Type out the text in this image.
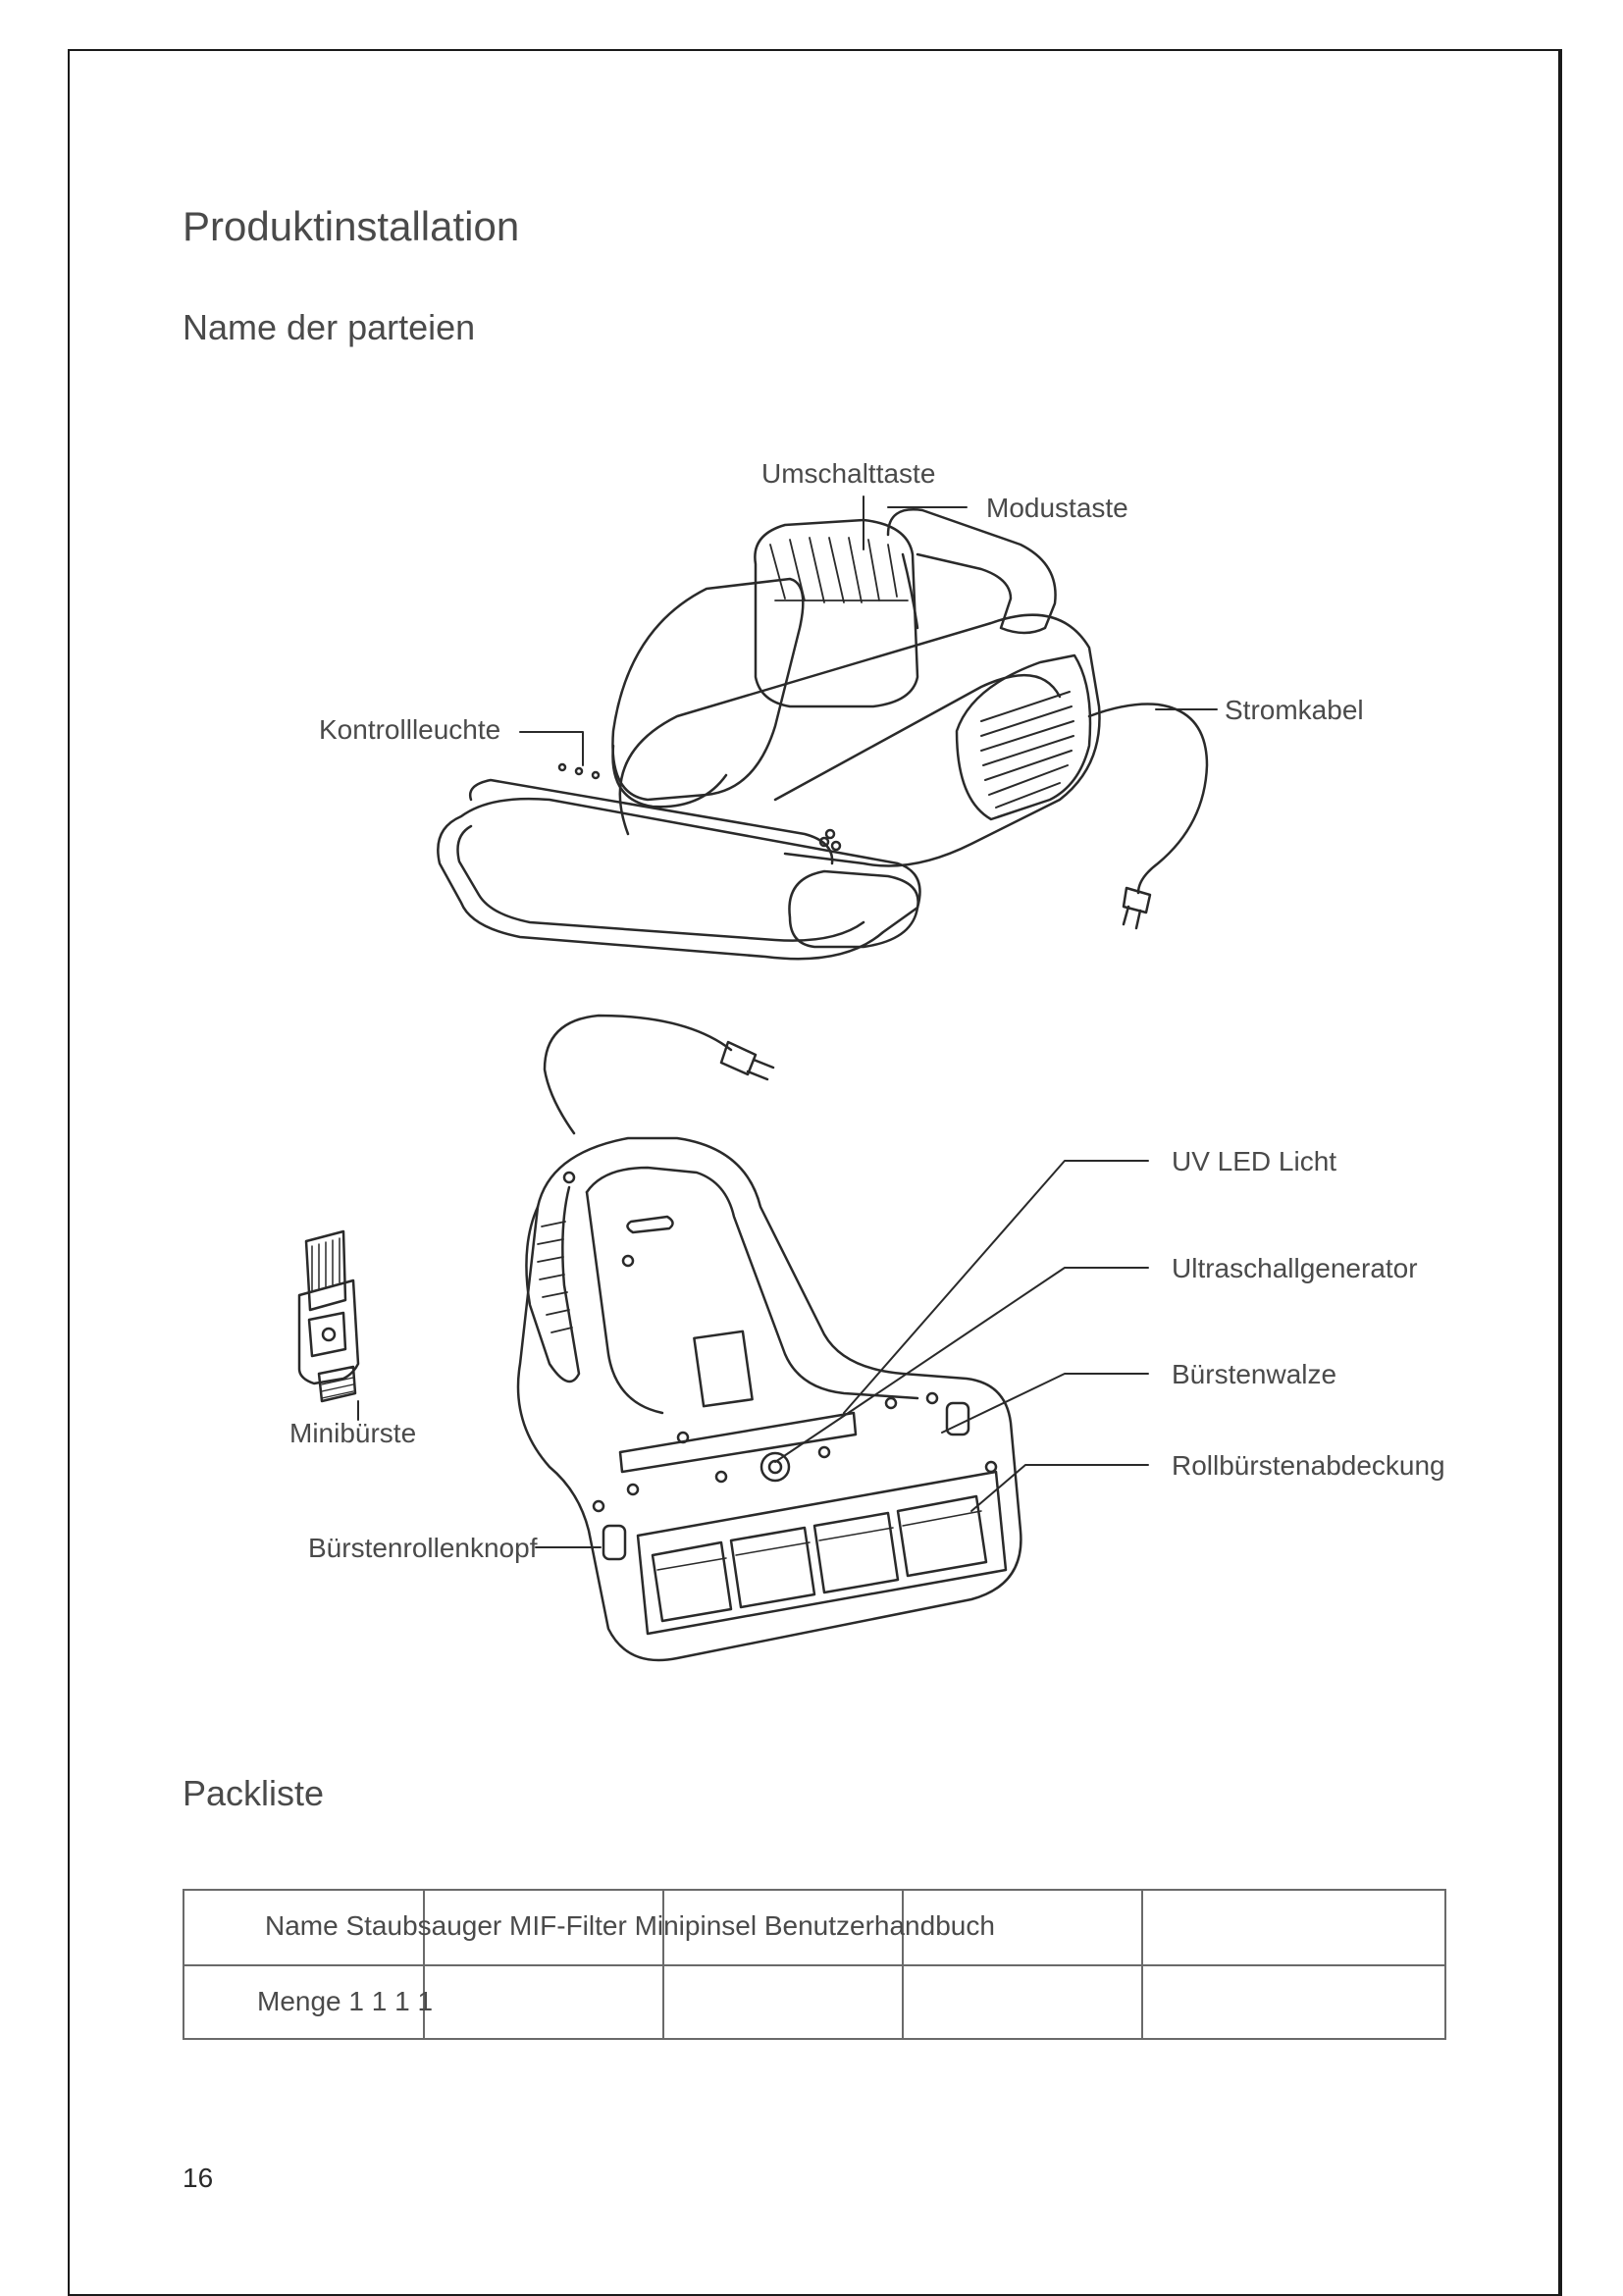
Produktinstallation
Name der parteien
Umschalttaste
Modustaste
Kontrollleuchte
Stromkabel
UV LED Licht
Ultraschallgenerator
Bürstenwalze
Rollbürstenabdeckung
Minibürste
Bürstenrollenknopf
Packliste
Name Staubsauger MIF-Filter Minipinsel Benutzerhandbuch
Menge 1 1 1 1
16
